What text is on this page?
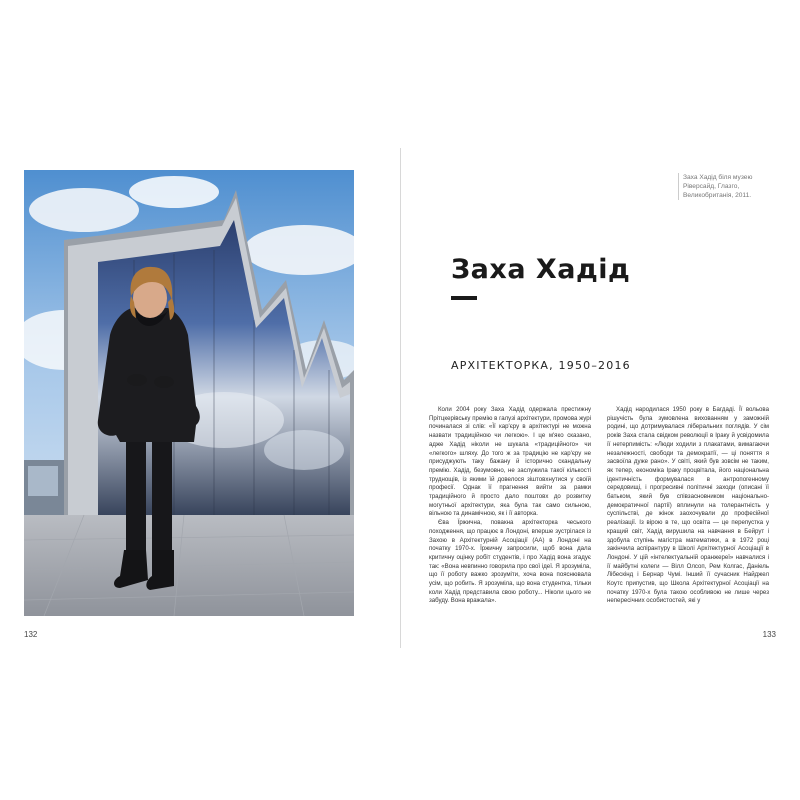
132
Заха Хадід біля музею Ріверсайд, Глазго, Великобританія, 2011.
Заха Хадід
АРХІТЕКТОРКА, 1950–2016

Коли 2004 року Заха Хадід одержала престижну Прітцкерівську премію в галузі архітектури, промова журі починалася зі слів: «Її кар'єру в архітектурі не можна назвати традиційною чи легкою». І це м'яко сказано, адже Хадід ніколи не шукала «традиційного» чи «легкого» шляху. До того ж за традицію не кар'єру не присуджують таку бажану й історично скандальну премію. Хадід, безумовно, не заслужила такої кількості труднощів, із якими їй довелося зіштовхнутися у своїй професії. Однак її прагнення вийти за рамки традиційного й просто дало поштовх до розвитку могутньої архітектури, яка була так само сильною, вільною та динамічною, як і її авторка.

Єва Їржична, повакна архітекторка чеського походження, що працює в Лондоні, вперше зустрілася із Захою в Архітектурній Асоціації (АА) в Лондоні на початку 1970-х. Їржичну запросили, щоб вона дала критичну оцінку робіт студентів, і про Хадід вона згадує так: «Вона невпинно говорила про свої ідеї. Я зрозуміла, що її роботу важко зрозуміти, хоча вона пояснювала усім, що робить. Я зрозуміла, що вона студентка, тільки коли Хадід представила свою роботу... Ніколи цього не забуду. Вона вражала».

Хадід народилася 1950 року в Багдаді. Її вольова рішучість була зумовлена вихованням у заможній родині, що дотримувалася ліберальних поглядів. У сім років Заха стала свідком революції в Іраку й усвідомила її нетерпимість: «Люди ходили з плакатами, вимагаючи незалежності, свободи та демократії, — ці поняття я засвоїла дуже рано». У світі, який був зовсім не таким, як тепер, економіка Іраку процвітала, його національна ідентичність формувалася в антропогенному середовищі, і прогресивні політичні заходи (описані її батьком, який був співзасновником національно-демократичної партії) вплинули на толерантність у суспільстві, де жінок заохочували до професійної реалізації. Із вірою в те, що освіта — це перепустка у кращий світ, Хадід вирушила на навчання в Бейрут і здобула ступінь магістра математики, а в 1972 році закінчила аспірантуру в Школі Архітектурної Асоціації в Лондоні. У цій «інтелектуальній оранжереї» навчалися і її майбутні колеги — Вілл Олсоп, Рем Колгас, Даніель Лібескінд і Бернар Чумі. Інший її сучасник Найджел Коутс припустив, що Школа Архітектурної Асоціації на початку 1970-х була такою особливою не лише через непересічних особистостей, які у

133
